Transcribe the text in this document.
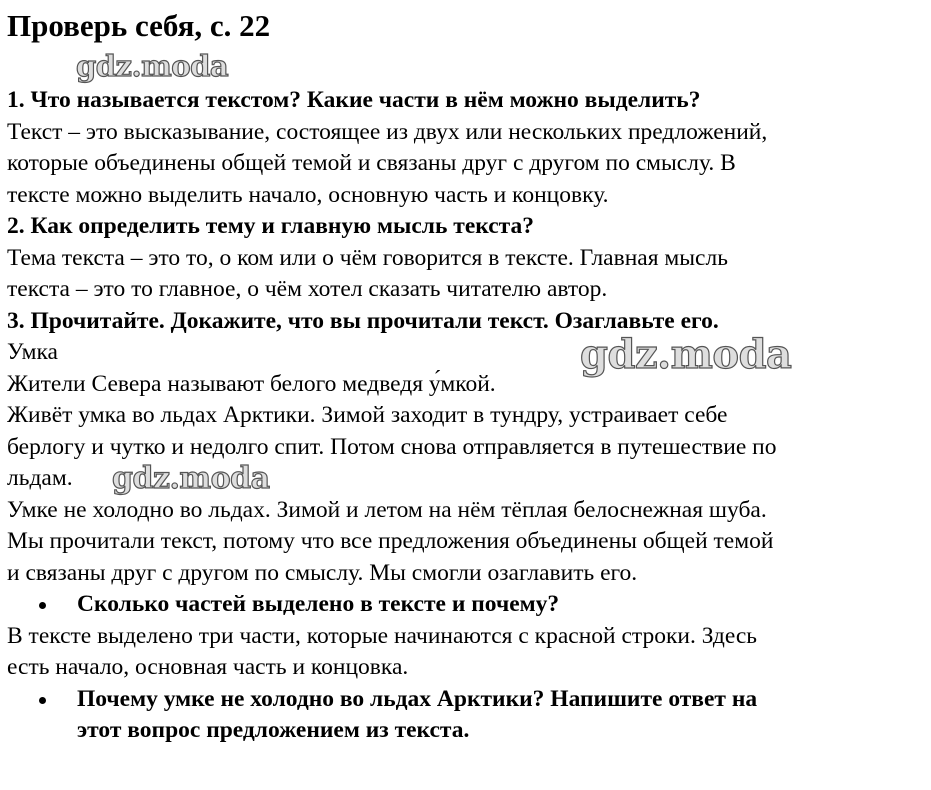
Проверь себя, с. 22
1. Что называется текстом? Какие части в нём можно выделить?
Текст – это высказывание, состоящее из двух или нескольких предложений,
которые объединены общей темой и связаны друг с другом по смыслу. В
тексте можно выделить начало, основную часть и концовку.
2. Как определить тему и главную мысль текста?
Тема текста – это то, о ком или о чём говорится в тексте. Главная мысль
текста – это то главное, о чём хотел сказать читателю автор.
3. Прочитайте. Докажите, что вы прочитали текст. Озаглавьте его.
Умка
Жители Севера называют белого медведя у́мкой.
Живёт умка во льдах Арктики. Зимой заходит в тундру, устраивает себе
берлогу и чутко и недолго спит. Потом снова отправляется в путешествие по
льдам.
Умке не холодно во льдах. Зимой и летом на нём тёплая белоснежная шуба.
Мы прочитали текст, потому что все предложения объединены общей темой
и связаны друг с другом по смыслу. Мы смогли озаглавить его.
Сколько частей выделено в тексте и почему?
В тексте выделено три части, которые начинаются с красной строки. Здесь
есть начало, основная часть и концовка.
Почему умке не холодно во льдах Арктики? Напишите ответ на
этот вопрос предложением из текста.
gdz.moda
gdz.moda
gdz.moda
